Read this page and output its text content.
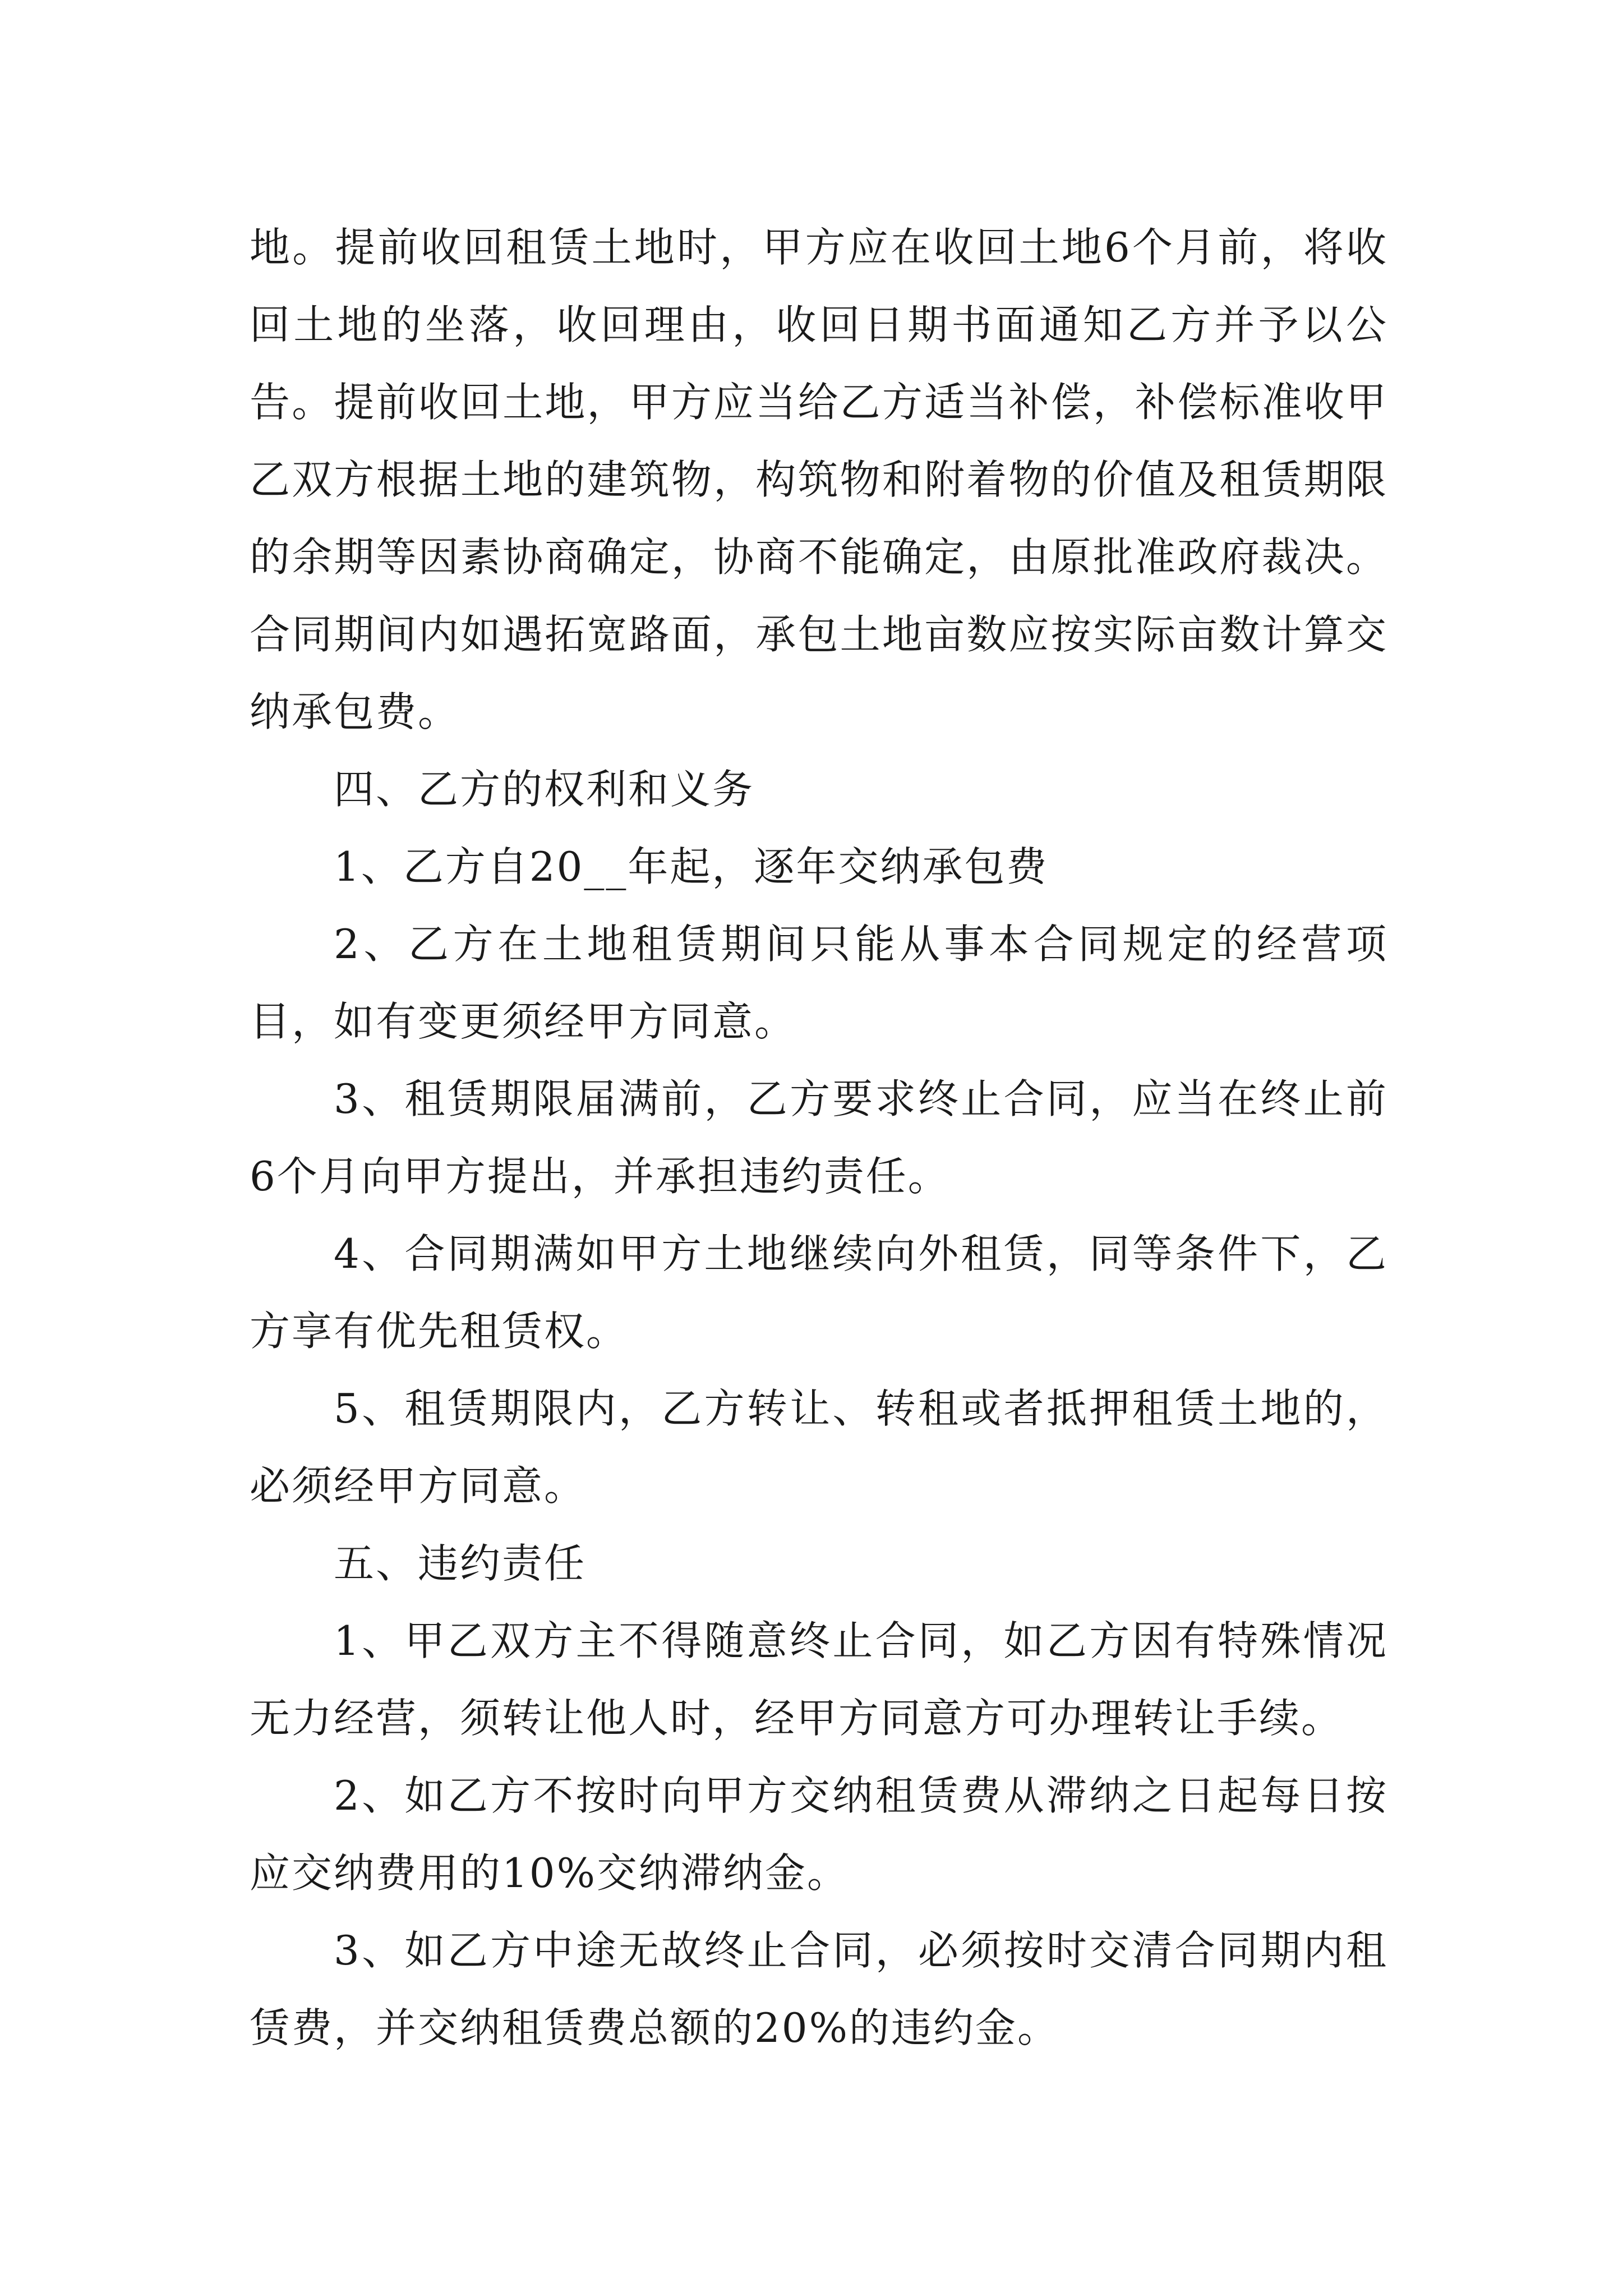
地。提前收回租赁土地时，甲方应在收回土地6个月前，将收回土地的坐落，收回理由，收回日期书面通知乙方并予以公告。提前收回土地，甲方应当给乙方适当补偿，补偿标准收甲乙双方根据土地的建筑物，构筑物和附着物的价值及租赁期限的余期等因素协商确定，协商不能确定，由原批准政府裁决。合同期间内如遇拓宽路面，承包土地亩数应按实际亩数计算交纳承包费。

四、乙方的权利和义务

1、乙方自20__年起，逐年交纳承包费

2、乙方在土地租赁期间只能从事本合同规定的经营项目，如有变更须经甲方同意。

3、租赁期限届满前，乙方要求终止合同，应当在终止前6个月向甲方提出，并承担违约责任。

4、合同期满如甲方土地继续向外租赁，同等条件下，乙方享有优先租赁权。

5、租赁期限内，乙方转让、转租或者抵押租赁土地的，必须经甲方同意。

五、违约责任

1、甲乙双方主不得随意终止合同，如乙方因有特殊情况无力经营，须转让他人时，经甲方同意方可办理转让手续。

2、如乙方不按时向甲方交纳租赁费从滞纳之日起每日按应交纳费用的10%交纳滞纳金。

3、如乙方中途无故终止合同，必须按时交清合同期内租赁费，并交纳租赁费总额的20%的违约金。
